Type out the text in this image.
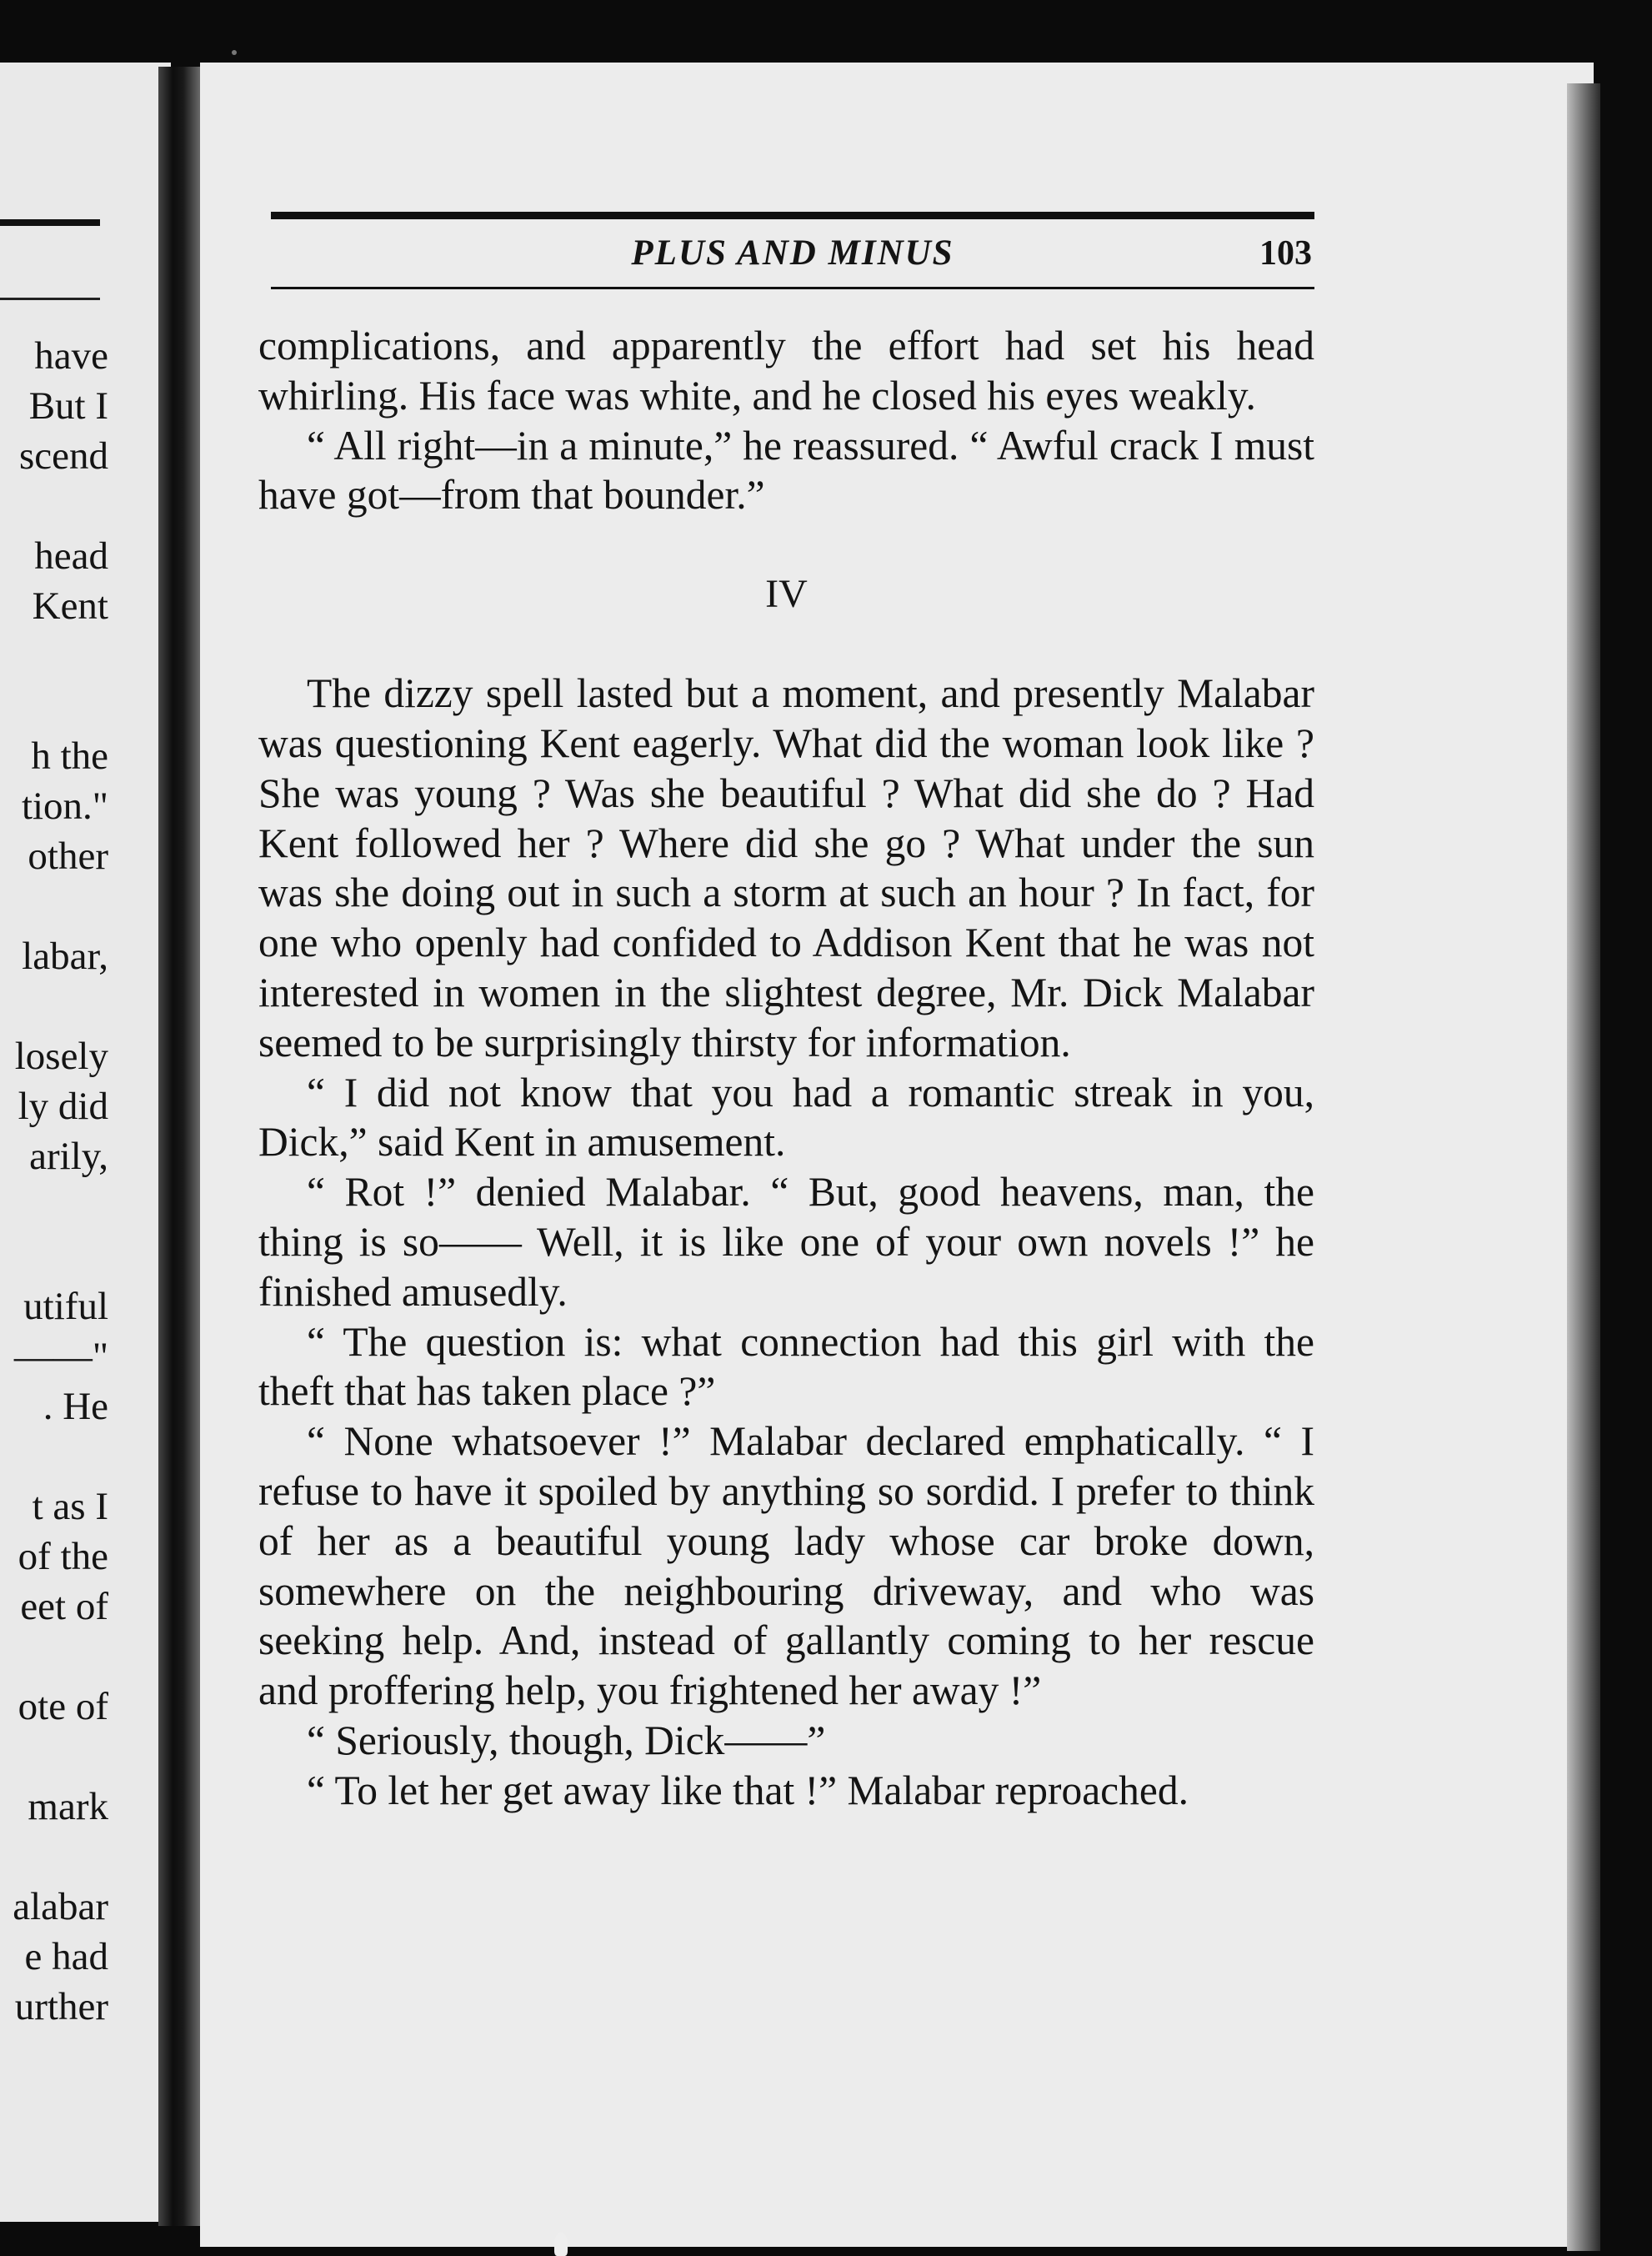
have
But I
scend
head
Kent
h the
tion."
other
labar,
losely
ly did
arily,
utiful
——"
. He
t as I
of the
eet of
ote of
mark
alabar
e had
urther
PLUS AND MINUS	103

complications, and apparently the effort had set his head whirling. His face was white, and he closed his eyes weakly.

“ All right—in a minute,” he reassured. “ Awful crack I must have got—from that bounder.”

IV

The dizzy spell lasted but a moment, and presently Malabar was questioning Kent eagerly. What did the woman look like ? She was young ? Was she beautiful ? What did she do ? Had Kent followed her ? Where did she go ? What under the sun was she doing out in such a storm at such an hour ? In fact, for one who openly had confided to Addison Kent that he was not interested in women in the slightest degree, Mr. Dick Malabar seemed to be surprisingly thirsty for information.

“ I did not know that you had a romantic streak in you, Dick,” said Kent in amusement.

“ Rot !” denied Malabar. “ But, good heavens, man, the thing is so—— Well, it is like one of your own novels !” he finished amusedly.

“ The question is: what connection had this girl with the theft that has taken place ?”

“ None whatsoever !” Malabar declared emphatically. “ I refuse to have it spoiled by anything so sordid. I prefer to think of her as a beautiful young lady whose car broke down, somewhere on the neighbouring driveway, and who was seeking help. And, instead of gallantly coming to her rescue and proffering help, you frightened her away !”

“ Seriously, though, Dick——”

“ To let her get away like that !” Malabar reproached.
